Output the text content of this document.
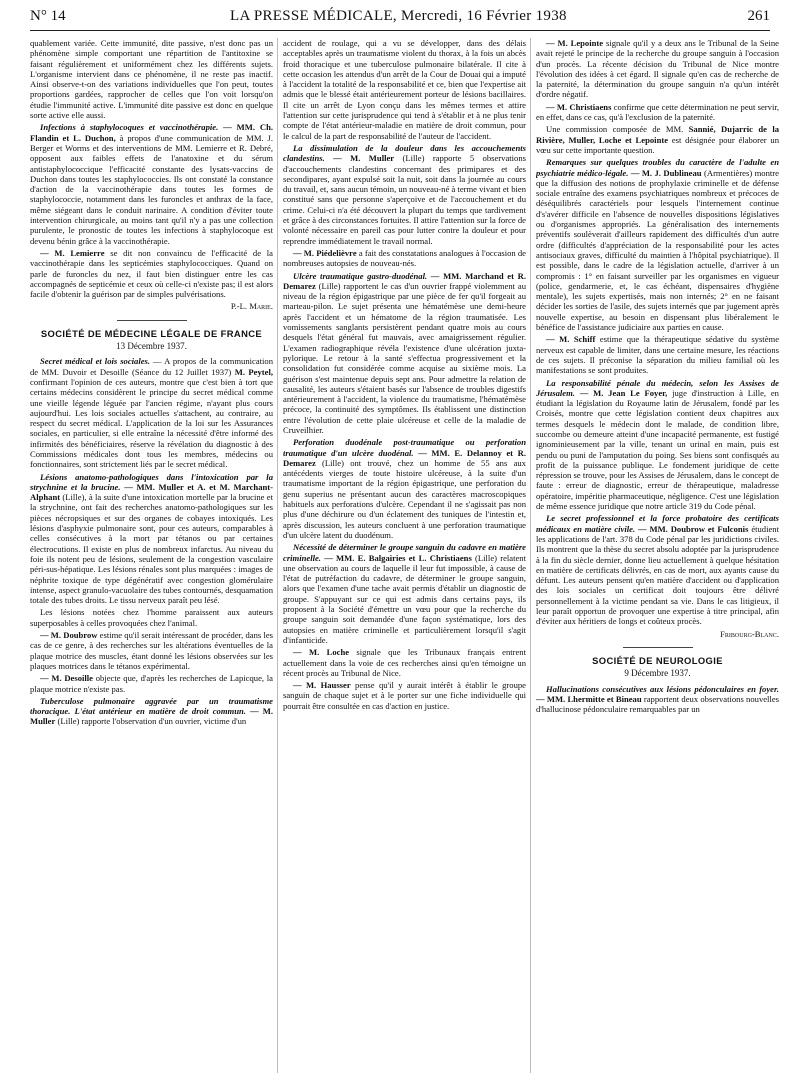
N° 14	LA PRESSE MÉDICALE, Mercredi, 16 Février 1938	261

quablement variée. Cette immunité, dite passive, n'est donc pas un phénomène simple comportant une répartition de l'antitoxine se faisant régulièrement et uniformément chez les différents sujets. L'organisme intervient dans ce phénomène, il ne reste pas inactif. Ainsi observe-t-on des variations individuelles que l'on peut, toutes proportions gardées, rapprocher de celles que l'on voit lorsqu'on étudie l'immunité active. L'immunité dite passive est donc en quelque sorte active elle aussi.

Infections à staphylocoques et vaccinothérapie. — MM. Ch. Flandin et L. Duchon, à propos d'une communication de MM. J. Berger et Worms et des interventions de MM. Lemierre et R. Debré, opposent aux faibles effets de l'anatoxine et du sérum antistaphylococcique l'efficacité constante des lysats-vaccins de Duchon dans toutes les staphylococcies. Ils ont constaté la constance d'action de la vaccinothérapie dans toutes les formes de staphylococcie, notamment dans les furoncles et anthrax de la face, même siégeant dans le conduit narinaire. A condition d'éviter toute intervention chirurgicale, au moins tant qu'il n'y a pas une collection purulente, le pronostic de toutes les infections à staphylocoque est devenu bénin grâce à la vaccinothérapie.

— M. Lemierre se dit non convaincu de l'efficacité de la vaccinothérapie dans les septicémies staphylococciques. Quand on parle de furoncles du nez, il faut bien distinguer entre les cas accompagnés de septicémie et ceux où celle-ci n'existe pas; il est alors facile d'obtenir la guérison par de simples pulvérisations.

P.-L. Marie.

SOCIÉTÉ DE MÉDECINE LÉGALE DE FRANCE
13 Décembre 1937.

Secret médical et lois sociales. — A propos de la communication de MM. Duvoir et Desoille (Séance du 12 Juillet 1937) M. Peytel, confirmant l'opinion de ces auteurs, montre que c'est bien à tort que certains médecins considèrent le principe du secret médical comme une vieille légende léguée par l'ancien régime, n'ayant plus cours aujourd'hui. Les lois sociales actuelles s'attachent, au contraire, au respect du secret médical. L'application de la loi sur les Assurances sociales, en particulier, si elle entraîne la nécessité d'être informé des infirmités des bénéficiaires, réserve la révélation du diagnostic à des Commissions médicales dont tous les membres, médecins ou fonctionnaires, sont strictement liés par le secret médical.

Lésions anatomo-pathologiques dans l'intoxication par la strychnine et la brucine. — MM. Muller et A. et M. Marchant-Alphant (Lille), à la suite d'une intoxication mortelle par la brucine et la strychnine, ont fait des recherches anatomo-pathologiques sur les pièces nécropsiques et sur des organes de cobayes intoxiqués. Les lésions d'asphyxie pulmonaire sont, pour ces auteurs, comparables à celles consécutives à la mort par tétanos ou par certaines électrocutions. Il existe en plus de nombreux infarctus. Au niveau du foie ils notent peu de lésions, seulement de la congestion vasculaire péri-sus-hépatique. Les lésions rénales sont plus marquées : images de néphrite toxique de type dégénératif avec congestion glomérulaire intense, aspect granulo-vacuolaire des tubes contournés, desquamation totale des tubes droits. Le tissu nerveux paraît peu lésé.

Les lésions notées chez l'homme paraissent aux auteurs superposables à celles provoquées chez l'animal.

— M. Doubrow estime qu'il serait intéressant de procéder, dans les cas de ce genre, à des recherches sur les altérations éventuelles de la plaque motrice des muscles, étant donné les lésions observées sur les plaques motrices dans le tétanos expérimental.

— M. Desoille objecte que, d'après les recherches de Lapicque, la plaque motrice n'existe pas.

Tuberculose pulmonaire aggravée par un traumatisme thoracique. L'état antérieur en matière de droit commun. — M. Muller (Lille) rapporte l'observation d'un ouvrier, victime d'un

accident de roulage, qui a vu se développer, dans des délais acceptables après un traumatisme violent du thorax, à la fois un abcès froid thoracique et une tuberculose pulmonaire bilatérale. Il cite à cette occasion les attendus d'un arrêt de la Cour de Douai qui a imputé à l'accident la totalité de la responsabilité et ce, bien que l'expertise ait admis que le blessé était antérieurement porteur de lésions bacillaires. Il cite un arrêt de Lyon conçu dans les mêmes termes et attire l'attention sur cette jurisprudence qui tend à s'établir et à ne plus tenir compte de l'état antérieur-maladie en matière de droit commun, pour le calcul de la part de responsabilité de l'auteur de l'accident.

La dissimulation de la douleur dans les accouchements clandestins. — M. Muller (Lille) rapporte 5 observations d'accouchements clandestins concernant des primipares et des secondipares, ayant expulsé soit la nuit, soit dans la journée au cours du travail, et, sans aucun témoin, un nouveau-né à terme vivant et bien constitué sans que personne s'aperçoive et de l'accouchement et du crime. Celui-ci n'a été découvert la plupart du temps que tardivement et grâce à des circonstances fortuites. Il attire l'attention sur la force de volonté nécessaire en pareil cas pour lutter contre la douleur et pour reprendre immédiatement le travail normal.

— M. Piédelièvre a fait des constatations analogues à l'occasion de nombreuses autopsies de nouveau-nés.

Ulcère traumatique gastro-duodénal. — MM. Marchand et R. Demarez (Lille) rapportent le cas d'un ouvrier frappé violemment au niveau de la région épigastrique par une pièce de fer qu'il forgeait au marteau-pilon. Le sujet présenta une hématémèse une demi-heure après l'accident et un hématome de la région traumatisée. Les vomissements sanglants persistèrent pendant quatre mois au cours desquels l'état général fut mauvais, avec amaigrissement régulier. L'examen radiographique révéla l'existence d'une ulcération juxta-pylorique. Le retour à la santé s'effectua progressivement et la consolidation fut considérée comme acquise au sixième mois. La guérison s'est maintenue depuis sept ans. Pour admettre la relation de causalité, les auteurs s'étaient basés sur l'absence de troubles digestifs antérieurement à l'accident, la violence du traumatisme, l'hématémèse précoce, la continuité des symptômes. Ils établissent une distinction entre l'évolution de cette plaie ulcéreuse et celle de la maladie de Cruveilhier.

Perforation duodénale post-traumatique ou perforation traumatique d'un ulcère duodénal. — MM. E. Delannoy et R. Demarez (Lille) ont trouvé, chez un homme de 55 ans aux antécédents vierges de toute histoire ulcéreuse, à la suite d'un traumatisme important de la région épigastrique, une perforation du genu superius ne présentant aucun des caractères macroscopiques habituels aux perforations d'ulcère. Cependant il ne s'agissait pas non plus d'une déchirure ou d'un éclatement des tuniques de l'intestin et, après discussion, les auteurs concluent à une perforation traumatique d'un ulcère latent du duodénum.

Nécessité de déterminer le groupe sanguin du cadavre en matière criminelle. — MM. E. Balgairies et L. Christiaens (Lille) relatent une observation au cours de laquelle il leur fut impossible, à cause de l'état de putréfaction du cadavre, de déterminer le groupe sanguin, alors que l'examen d'une tache avait permis d'établir un diagnostic de groupe. S'appuyant sur ce qui est admis dans certains pays, ils proposent à la Société d'émettre un vœu pour que la recherche du groupe sanguin soit demandée d'une façon systématique, lors des autopsies en matière criminelle et particulièrement lorsqu'il s'agit d'infanticide.

— M. Loche signale que les Tribunaux français entrent actuellement dans la voie de ces recherches ainsi qu'en témoigne un récent procès au Tribunal de Nice.

— M. Hausser pense qu'il y aurait intérêt à établir le groupe sanguin de chaque sujet et à le porter sur une fiche individuelle qui pourrait être consultée en cas d'action en justice.

— M. Lepointe signale qu'il y a deux ans le Tribunal de la Seine avait rejeté le principe de la recherche du groupe sanguin à l'occasion d'un procès. La récente décision du Tribunal de Nice montre l'évolution des idées à cet égard. Il signale qu'en cas de recherche de la paternité, la détermination du groupe sanguin n'a qu'un intérêt d'ordre négatif.

— M. Christiaens confirme que cette détermination ne peut servir, en effet, dans ce cas, qu'à l'exclusion de la paternité.

Une commission composée de MM. Sannié, Dujarric de la Rivière, Muller, Loche et Lepointe est désignée pour élaborer un vœu sur cette importante question.

Remarques sur quelques troubles du caractère de l'adulte en psychiatrie médico-légale. — M. J. Dublineau (Armentières) montre que la diffusion des notions de prophylaxie criminelle et de défense sociale entraîne des examens psychiatriques nombreux et précoces de déséquilibrés caractériels pour lesquels l'internement continue d's'avérer difficile en l'absence de nouvelles dispositions législatives ou d'organismes appropriés. La généralisation des internements préventifs soulèverait d'ailleurs rapidement des difficultés d'un autre ordre (difficultés d'appréciation de la responsabilité pour les actes antisociaux graves, difficulté du maintien à l'hôpital psychiatrique). Il est possible, dans le cadre de la législation actuelle, d'arriver à un compromis : 1° en faisant surveiller par les organismes en vigueur (police, gendarmerie, et, le cas échéant, dispensaires d'hygiène mentale), les sujets expertisés, mais non internés; 2° en ne faisant décider les sorties de l'asile, des sujets internés que par jugement après nouvelle expertise, au besoin en dispensant plus libéralement le bénéfice de l'assistance judiciaire aux parties en cause.

— M. Schiff estime que la thérapeutique sédative du système nerveux est capable de limiter, dans une certaine mesure, les réactions de ces sujets. Il préconise la séparation du milieu familial où les manifestations se sont produites.

La responsabilité pénale du médecin, selon les Assises de Jérusalem. — M. Jean Le Foyer, juge d'instruction à Lille, en étudiant la législation du Royaume latin de Jérusalem, fondé par les Croisés, montre que cette législation contient deux chapitres aux termes desquels le médecin dont le malade, de condition libre, succombe ou demeure atteint d'une incapacité permanente, est fustigé ignominieusement par la ville, tenant un urinal en main, puis est pendu ou puni de l'amputation du poing. Ses biens sont confisqués au profit de la puissance publique. Le fondement juridique de cette répression se trouve, pour les Assises de Jérusalem, dans le concept de faute : erreur de diagnostic, erreur de thérapeutique, maladresse opératoire, impéritie pharmaceutique, négligence. C'est une législation de même essence juridique que notre article 319 du Code pénal.

Le secret professionnel et la force probatoire des certificats médicaux en matière civile. — MM. Doubrow et Fulconis étudient les applications de l'art. 378 du Code pénal par les juridictions civiles. Ils montrent que la thèse du secret absolu adoptée par la jurisprudence à la fin du siècle dernier, donne lieu actuellement à quelque hésitation en matière de certificats délivrés, en cas de mort, aux ayants cause du défunt. Les auteurs pensent qu'en matière d'accident ou d'application des lois sociales un certificat doit toujours être délivré personnellement à la victime pendant sa vie. Dans le cas litigieux, il leur paraît opportun de provoquer une expertise à titre principal, afin d'éviter aux héritiers de longs et coûteux procès.

Fribourg-Blanc.

SOCIÉTÉ DE NEUROLOGIE
9 Décembre 1937.

Hallucinations consécutives aux lésions pédonculaires en foyer. — MM. Lhermitte et Bineau rapportent deux observations nouvelles d'hallucinose pédonculaire remarquables par un
